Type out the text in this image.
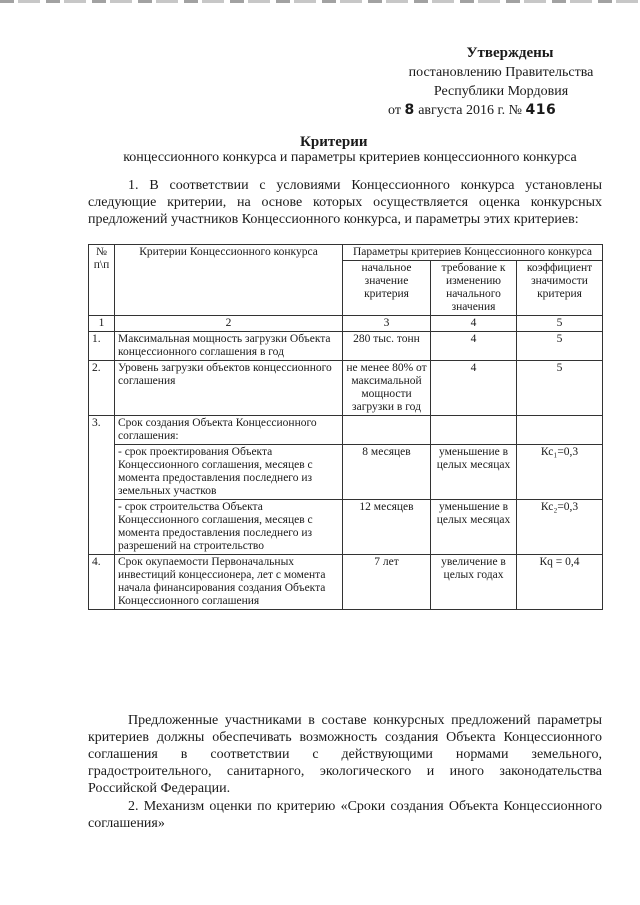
Утверждены
постановлению Правительства
Республики Мордовия
от 8 августа 2016 г. № 416
Критерии
концессионного конкурса и параметры критериев концессионного конкурса
1. В соответствии с условиями Концессионного конкурса установлены следующие критерии, на основе которых осуществляется оценка конкурсных предложений участников Концессионного конкурса, и параметры этих критериев:
№ п\п	Критерии Концессионного конкурса	Параметры критериев Концессионного конкурса		
		начальное значение критерия	требование к изменению начального значения	коэффициент значимости критерия
1	2	3	4	5
1.	Максимальная мощность загрузки Объекта концессионного соглашения в год	280 тыс. тонн	4	5
2.	Уровень загрузки объектов концессионного соглашения	не менее 80% от максимальной мощности загрузки в год	4	5
3.	Срок создания Объекта Концессионного соглашения:			
	- срок проектирования Объекта Концессионного соглашения, месяцев с момента предоставления последнего из земельных участков	8 месяцев	уменьшение в целых месяцах	Кс₁=0,3
	- срок строительства Объекта Концессионного соглашения, месяцев с момента предоставления последнего из разрешений на строительство	12 месяцев	уменьшение в целых месяцах	Кс₂=0,3
4.	Срок окупаемости Первоначальных инвестиций концессионера, лет с момента начала финансирования создания Объекта Концессионного соглашения	7 лет	увеличение в целых годах	Кq = 0,4
Предложенные участниками в составе конкурсных предложений параметры критериев должны обеспечивать возможность создания Объекта Концессионного соглашения в соответствии с действующими нормами земельного, градостроительного, санитарного, экологического и иного законодательства Российской Федерации.
2. Механизм оценки по критерию «Сроки создания Объекта Концессионного соглашения»
